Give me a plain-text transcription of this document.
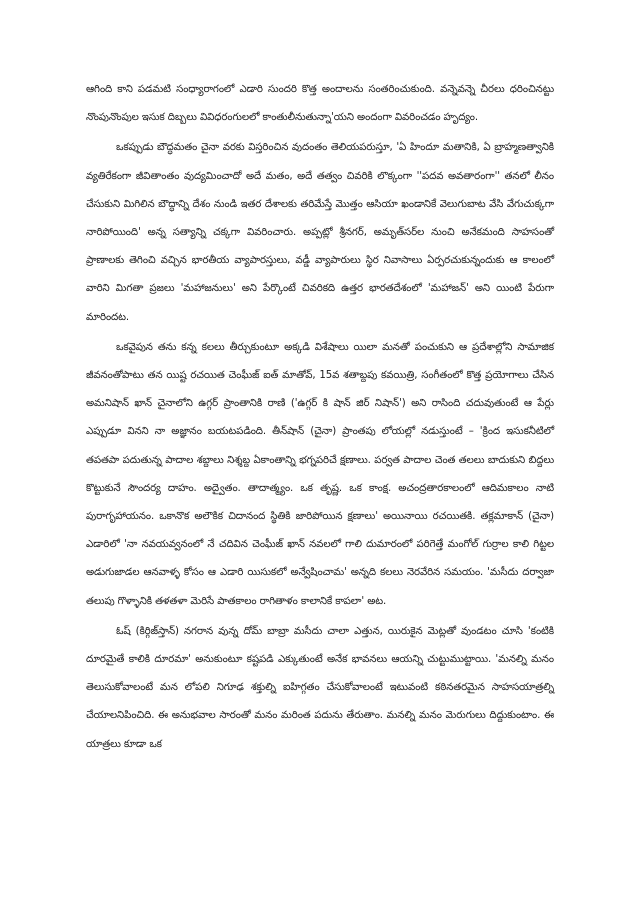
ఆగింది కాని పడమటి సంధ్యారాగంలో ఎడారి సుందరి కొత్త అందాలను సంతరించుకుంది. వన్నెవన్నె చీరలు ధరించినట్టు నొంపునొంపుల ఇసుక దిబ్బలు వివిధరంగులలో కాంతులీనుతున్నా'యని అందంగా వివరించడం హృద్యం.

ఒకప్పుడు బౌద్ధమతం చైనా వరకు విస్తరించిన వుదంతం తెలియపరుస్తూ, 'ఏ హిందూ మతానికి, ఏ బ్రాహ్మణత్వానికి వ్యతిరేకంగా జీవితాంతం వుద్యమించాదో అదే మతం, అదే తత్వం చివరికి లొక్కంగా ''పదవ అవతారంగా'' తనలో లీనం చేసుకుని మిగిలిన బౌద్ధాన్ని దేశం నుండి ఇతర దేశాలకు తరిమేస్తే మొత్తం ఆసియా ఖండానికే వెలుగుబాట వేసి వేగుచుక్కగా నారిపోయింది' అన్న సత్యాన్ని చక్కగా వివరించారు. అప్పట్లో శ్రీనగర్, అమృత్‌సర్‌ల నుంచి అనేకమంది సాహసంతో ప్రాణాలకు తెగించి వచ్చిన భారతీయ వ్యాపారస్తులు, వడ్డీ వ్యాపారులు స్థిర నివాసాలు ఏర్పరచుకున్నందుకు ఆ కాలంలో వారిని మిగతా ప్రజలు 'మహాజనులు' అని పేర్కొంటే చివరికది ఉత్తర భారతదేశంలో 'మహాజన్' అని యింటి పేరుగా మారిందట.

ఒకవైపున తను కన్న కలలు తీర్చుకుంటూ అక్కడి విశేషాలు యిలా మనతో పంచుకుని ఆ ప్రదేశాల్లోని సామాజిక జీవనంతోపాటు తన యిష్ట రచయిత చెంఘీజ్ ఐత్ మాతోవ్, 15వ శతాబ్దపు కవయిత్రి, సంగీతంలో కొత్త ప్రయోగాలు చేసిన అమనిషాన్ ఖాన్ చైనాలోని ఉగ్గర్ ప్రాంతానికి రాణి ('ఉగ్గర్ కి షాన్ జిర్ నిషాన్') అని రాసింది చదువుతుంటే ఆ పేర్లు ఎప్పుడూ వినని నా అజ్ఞానం బయటపడింది. తీన్‌షాన్ (చైనా) ప్రాంతపు లోయల్లో నడుస్తుంటే – 'క్రింద ఇసుకనీటిలో తపతపా పదుతున్న పాదాల శబ్దాలు నిశ్శబ్ద ఏకాంతాన్ని భగ్నపరిచే క్షణాలు. పర్వత పాదాల చెంత తలలు బాదుకుని బిద్దలు కొట్టుకునే సౌందర్య దాహం. అద్వైతం. తాదాత్మ్యం. ఒక తృష్ణ. ఒక కాంక్ష. అచంద్రతారకాలంలో ఆదిమకాలం నాటి పురాగృహాయనం. ఒకానొక అలౌకిక చిదానంద స్థితికి జారిపోయిన క్షణాలు' అయినాయి రచయితకి. తక్లమాకాన్ (చైనా) ఎడారిలో 'నా నవయవ్వనంలో నే చదివిన చెంఘీజ్ ఖాన్ నవలలో గాలి దుమారంలో పరిగెత్తే మంగోల్ గుర్రాల కాలి గిట్టల అడుగుజాడల ఆనవాళ్ళ కోసం ఆ ఎడారి యిసుకలో అన్వేషించామ' అన్నది కలలు నెరవేరిన సమయం. 'మసీదు దర్వాజా తలుపు గొళ్ళానికి తళతళా మెరిసే పాతకాలం రాగితాళం కాలానికే కాపలా' అట.

ఓష్ (కిర్గిజ్‌స్తాన్) నగరాన వున్న దోమ్ బాబ్రా మసీదు చాలా ఎత్తున, యిరుకైన మెట్లతో వుండటం చూసి 'కంటికి దూరమైతే కాలికి దూరమా' అనుకుంటూ కష్టపడి ఎక్కుతుంటే అనేక భావనలు ఆయన్ని చుట్టుముట్టాయి. 'మనల్ని మనం తెలుసుకోవాలంటే మన లోపలి నిగూఢ శక్తుల్ని ఐహిగ్గతం చేసుకోవాలంటే ఇటువంటి కఠినతరమైన సాహసయాత్రల్ని చేయాలనిపించిది. ఈ అనుభవాల సారంతో మనం మరింత పదును తేరుతాం. మనల్ని మనం మెరుగులు దిద్దుకుంటాం. ఈ యాత్రలు కూడా ఒక
